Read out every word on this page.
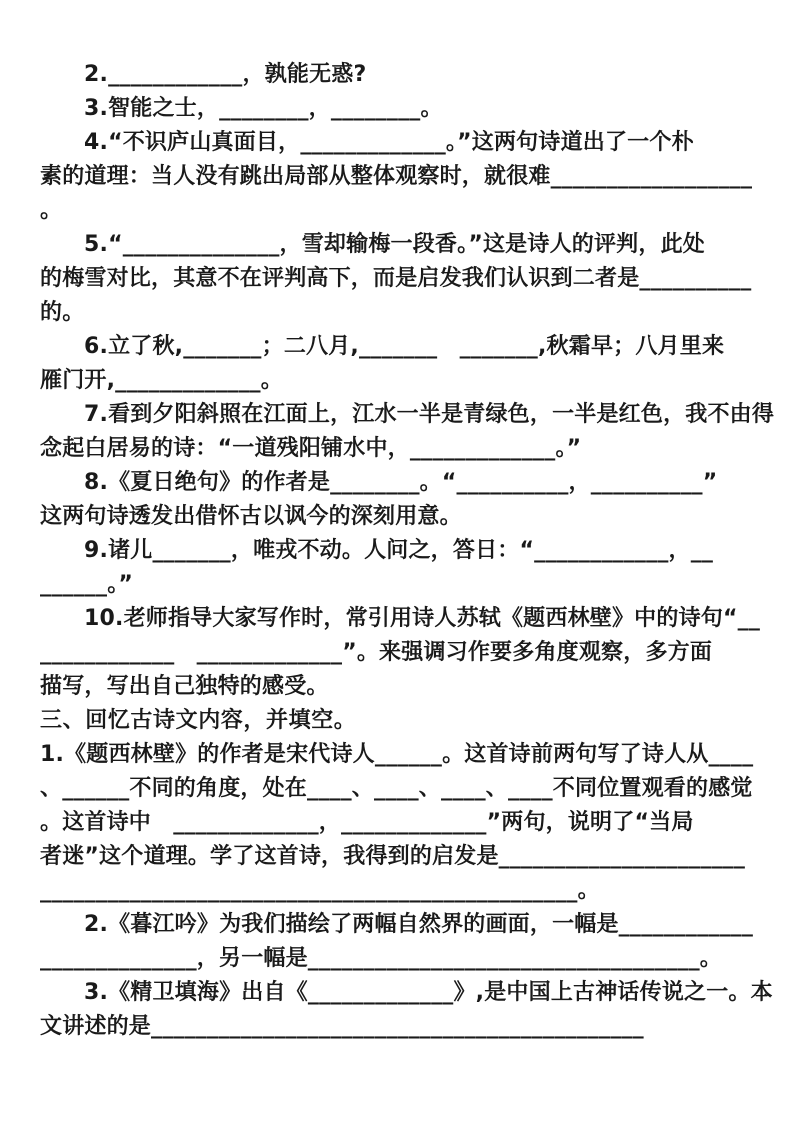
2.____________，孰能无惑?
3.智能之士，________，________。
4.“不识庐山真面目，_____________。”这两句诗道出了一个朴
素的道理：当人没有跳出局部从整体观察时，就很难__________________
。
5.“______________，雪却输梅一段香。”这是诗人的评判，此处
的梅雪对比，其意不在评判高下，而是启发我们认识到二者是__________
的。
6.立了秋,_______；二八月,_______　_______,秋霜早；八月里来
雁门开,_____________。
7.看到夕阳斜照在江面上，江水一半是青绿色，一半是红色，我不由得
念起白居易的诗：“一道残阳铺水中，_____________。”
8.《夏日绝句》的作者是________。“__________，__________”
这两句诗透发出借怀古以讽今的深刻用意。
9.诸儿_______，唯戎不动。人问之，答日：“____________，__
______。”
10.老师指导大家写作时，常引用诗人苏轼《题西林壁》中的诗句“__
____________　_____________”。来强调习作要多角度观察，多方面
描写，写出自己独特的感受。
三、回忆古诗文内容，并填空。
1.《题西林壁》的作者是宋代诗人______。这首诗前两句写了诗人从____
、______不同的角度，处在____、____、____、____不同位置观看的感觉
。这首诗中　_____________，_____________”两句，说明了“当局
者迷”这个道理。学了这首诗，我得到的启发是______________________
________________________________________________。
2.《暮江吟》为我们描绘了两幅自然界的画面，一幅是____________
______________，另一幅是___________________________________。
3.《精卫填海》出自《_____________》,是中国上古神话传说之一。本
文讲述的是____________________________________________
